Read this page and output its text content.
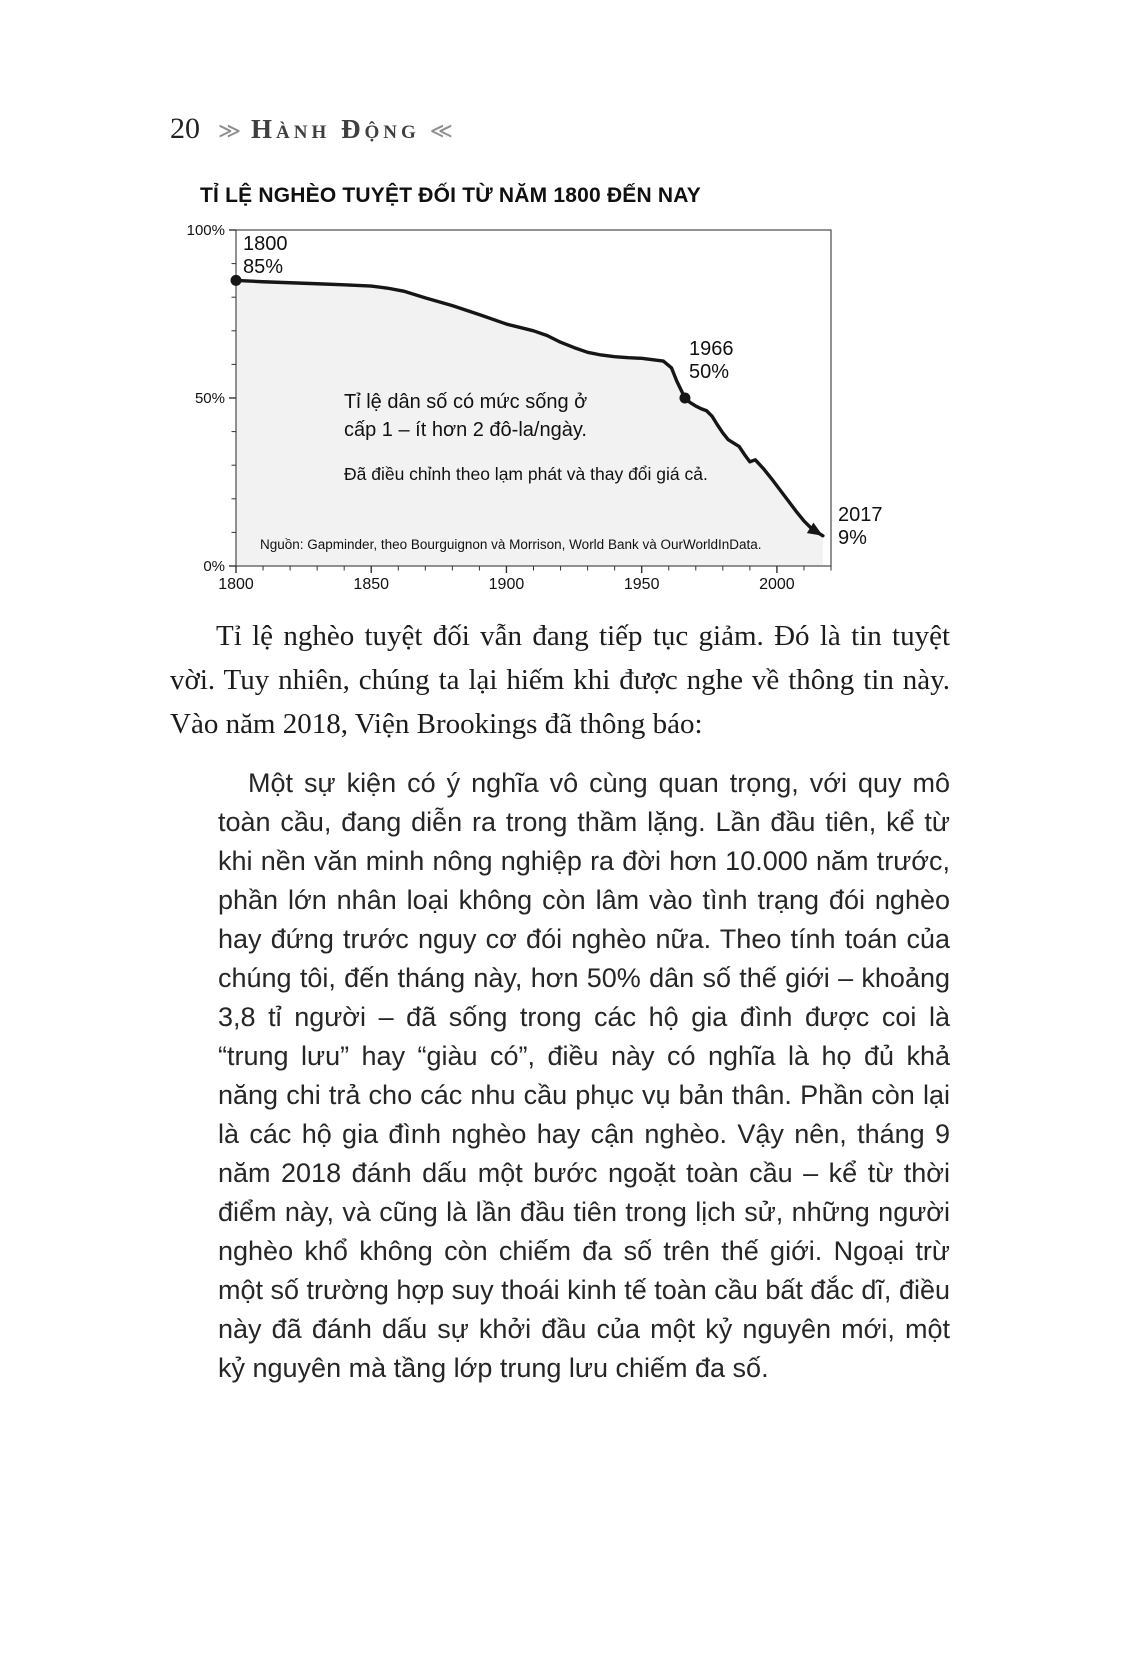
20 ≫ Hành Động ≪
TỈ LỆ NGHÈO TUYỆT ĐỐI TỪ NĂM 1800 ĐẾN NAY
100%
50%
0%
1800	1850	1900	1950	2000
1800
85%
1966
50%
2017
9%
Tỉ lệ dân số có mức sống ở
cấp 1 – ít hơn 2 đô-la/ngày.
Đã điều chỉnh theo lạm phát và thay đổi giá cả.
Nguồn: Gapminder, theo Bourguignon và Morrison, World Bank và OurWorldInData.

Tỉ lệ nghèo tuyệt đối vẫn đang tiếp tục giảm. Đó là tin tuyệt vời. Tuy nhiên, chúng ta lại hiếm khi được nghe về thông tin này. Vào năm 2018, Viện Brookings đã thông báo:

Một sự kiện có ý nghĩa vô cùng quan trọng, với quy mô toàn cầu, đang diễn ra trong thầm lặng. Lần đầu tiên, kể từ khi nền văn minh nông nghiệp ra đời hơn 10.000 năm trước, phần lớn nhân loại không còn lâm vào tình trạng đói nghèo hay đứng trước nguy cơ đói nghèo nữa. Theo tính toán của chúng tôi, đến tháng này, hơn 50% dân số thế giới – khoảng 3,8 tỉ người – đã sống trong các hộ gia đình được coi là “trung lưu” hay “giàu có”, điều này có nghĩa là họ đủ khả năng chi trả cho các nhu cầu phục vụ bản thân. Phần còn lại là các hộ gia đình nghèo hay cận nghèo. Vậy nên, tháng 9 năm 2018 đánh dấu một bước ngoặt toàn cầu – kể từ thời điểm này, và cũng là lần đầu tiên trong lịch sử, những người nghèo khổ không còn chiếm đa số trên thế giới. Ngoại trừ một số trường hợp suy thoái kinh tế toàn cầu bất đắc dĩ, điều này đã đánh dấu sự khởi đầu của một kỷ nguyên mới, một kỷ nguyên mà tầng lớp trung lưu chiếm đa số.
